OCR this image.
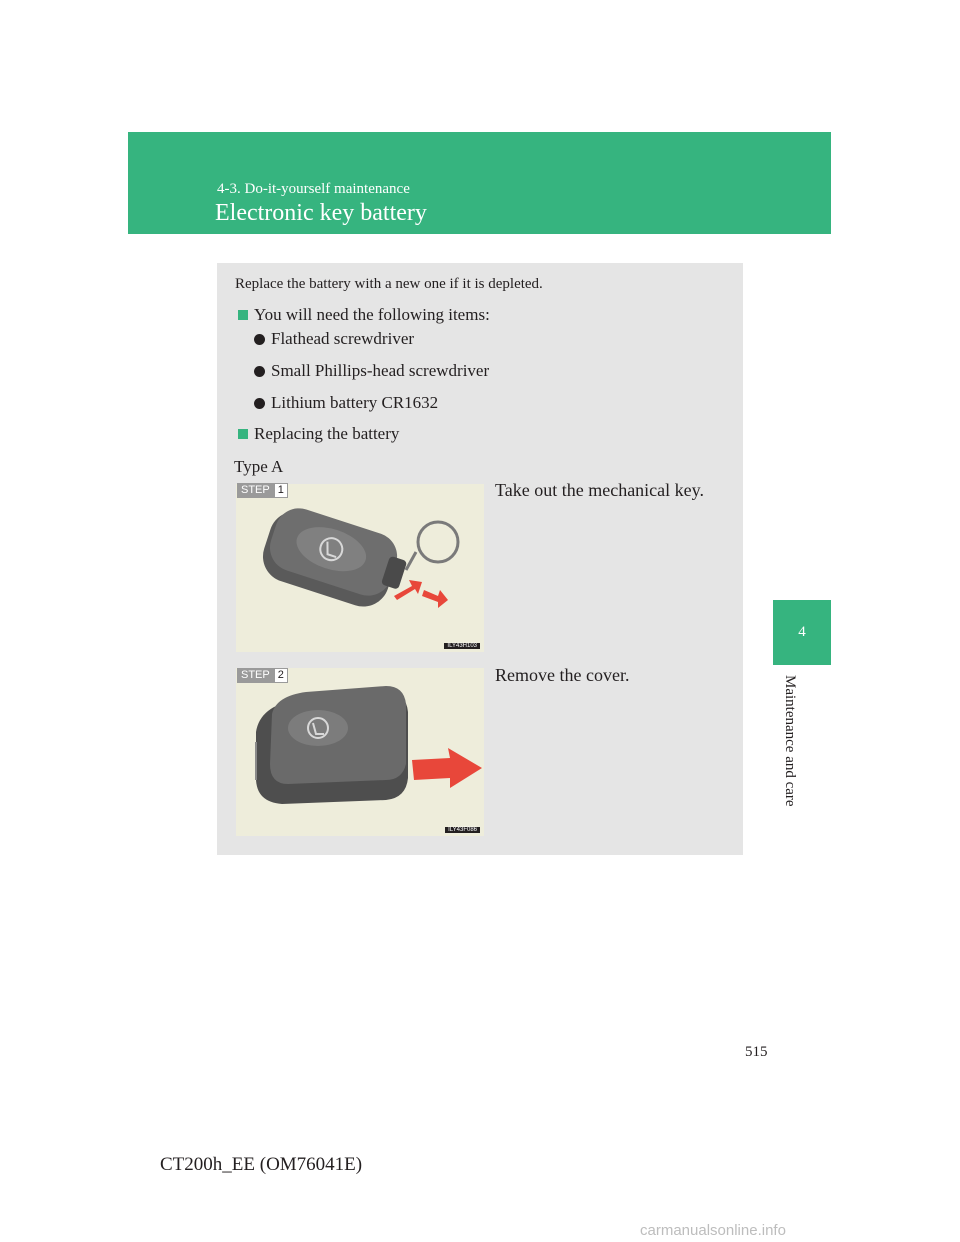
4-3. Do-it-yourself maintenance
Electronic key battery
4
Maintenance and care
Replace the battery with a new one if it is depleted.
You will need the following items:
Flathead screwdriver
Small Phillips-head screwdriver
Lithium battery CR1632
Replacing the battery
Type A
ILY43H103
STEP 1	Take out the mechanical key.
ILY43F086
STEP 2	Remove the cover.
515
CT200h_EE (OM76041E)
carmanualsonline.info
